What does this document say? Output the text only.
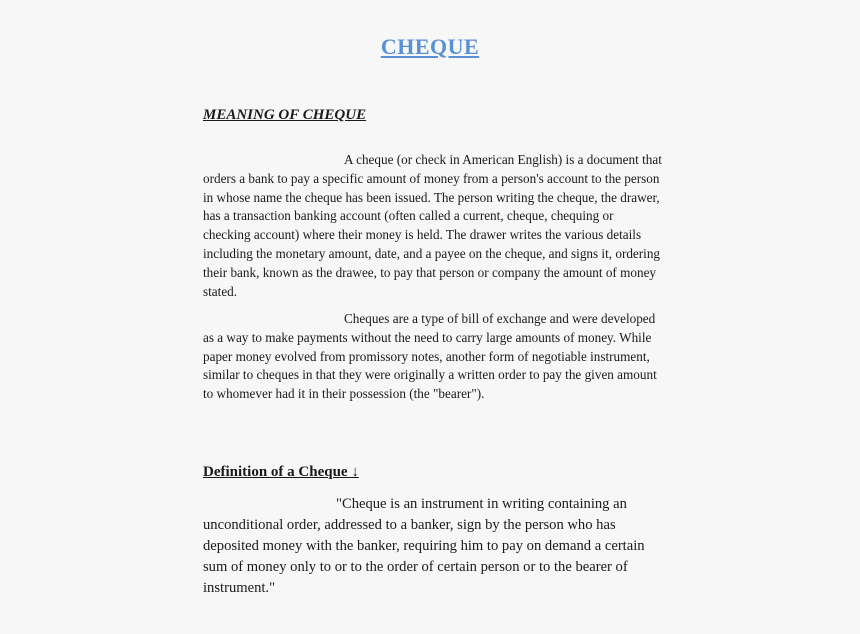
CHEQUE
MEANING OF CHEQUE

A cheque (or check in American English) is a document that orders a bank to pay a specific amount of money from a person's account to the person in whose name the cheque has been issued. The person writing the cheque, the drawer, has a transaction banking account (often called a current, cheque, chequing or checking account) where their money is held. The drawer writes the various details including the monetary amount, date, and a payee on the cheque, and signs it, ordering their bank, known as the drawee, to pay that person or company the amount of money stated.

Cheques are a type of bill of exchange and were developed as a way to make payments without the need to carry large amounts of money. While paper money evolved from promissory notes, another form of negotiable instrument, similar to cheques in that they were originally a written order to pay the given amount to whomever had it in their possession (the "bearer").

Definition of a Cheque ↓

"Cheque is an instrument in writing containing an unconditional order, addressed to a banker, sign by the person who has deposited money with the banker, requiring him to pay on demand a certain sum of money only to or to the order of certain person or to the bearer of instrument."
